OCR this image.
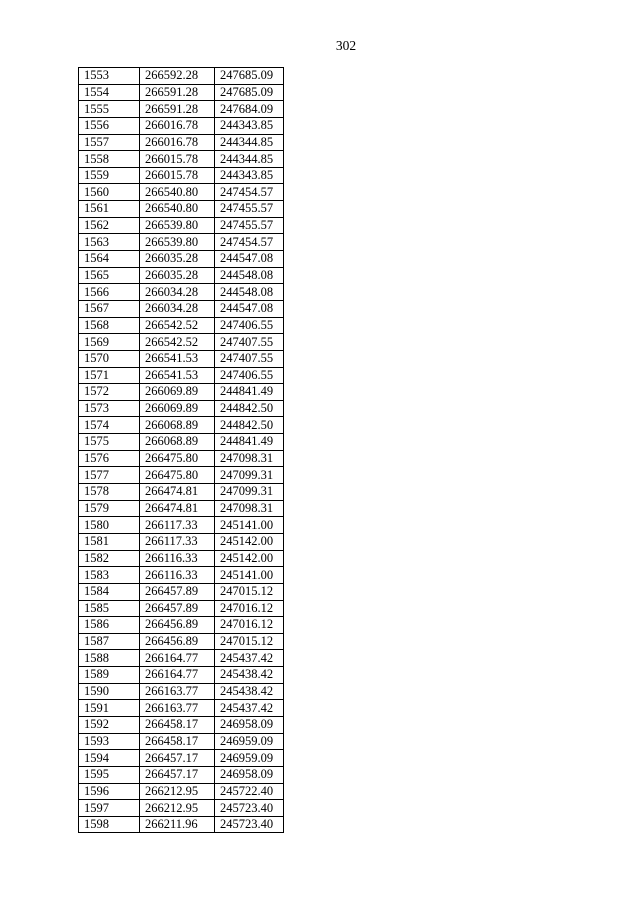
302
1553	266592.28	247685.09
1554	266591.28	247685.09
1555	266591.28	247684.09
1556	266016.78	244343.85
1557	266016.78	244344.85
1558	266015.78	244344.85
1559	266015.78	244343.85
1560	266540.80	247454.57
1561	266540.80	247455.57
1562	266539.80	247455.57
1563	266539.80	247454.57
1564	266035.28	244547.08
1565	266035.28	244548.08
1566	266034.28	244548.08
1567	266034.28	244547.08
1568	266542.52	247406.55
1569	266542.52	247407.55
1570	266541.53	247407.55
1571	266541.53	247406.55
1572	266069.89	244841.49
1573	266069.89	244842.50
1574	266068.89	244842.50
1575	266068.89	244841.49
1576	266475.80	247098.31
1577	266475.80	247099.31
1578	266474.81	247099.31
1579	266474.81	247098.31
1580	266117.33	245141.00
1581	266117.33	245142.00
1582	266116.33	245142.00
1583	266116.33	245141.00
1584	266457.89	247015.12
1585	266457.89	247016.12
1586	266456.89	247016.12
1587	266456.89	247015.12
1588	266164.77	245437.42
1589	266164.77	245438.42
1590	266163.77	245438.42
1591	266163.77	245437.42
1592	266458.17	246958.09
1593	266458.17	246959.09
1594	266457.17	246959.09
1595	266457.17	246958.09
1596	266212.95	245722.40
1597	266212.95	245723.40
1598	266211.96	245723.40
